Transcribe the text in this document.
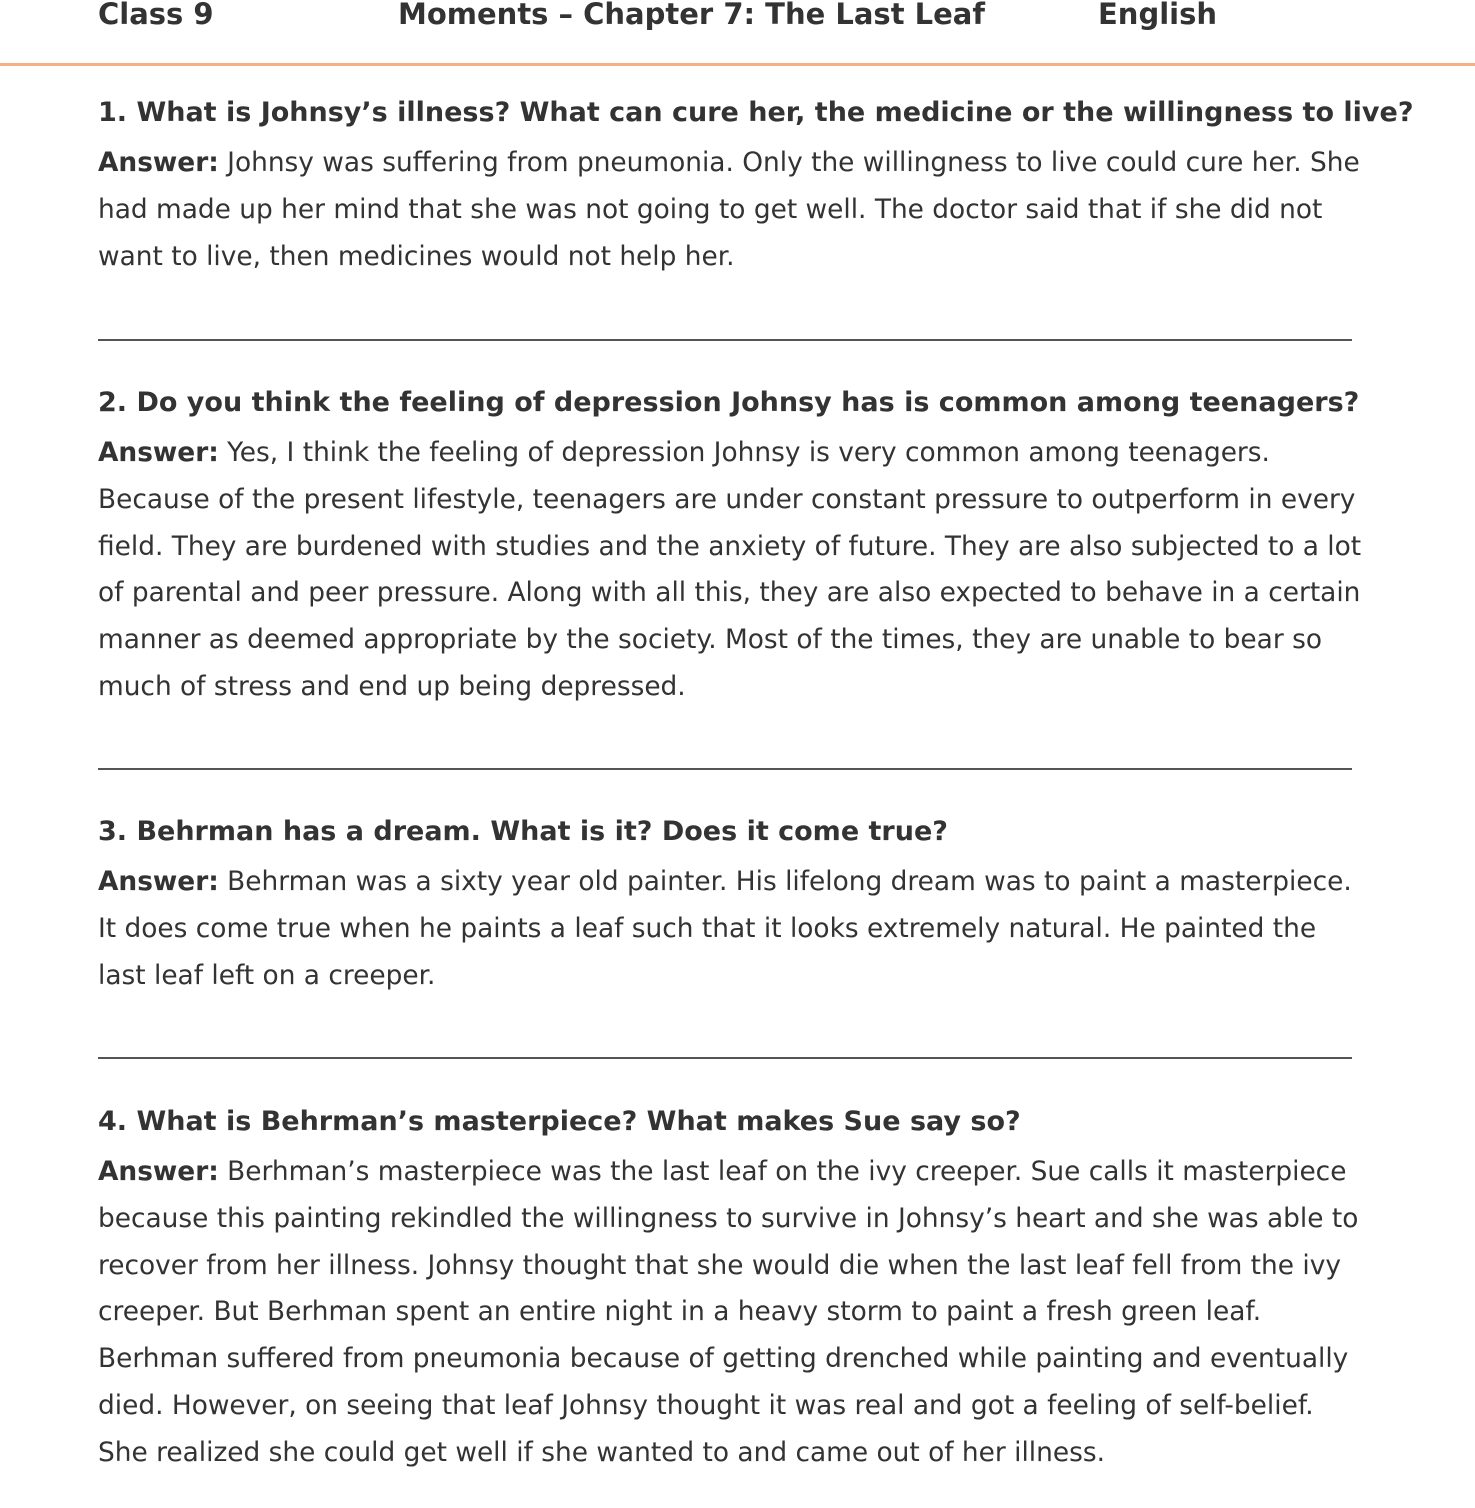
Class 9	Moments – Chapter 7: The Last Leaf	English

1. What is Johnsy’s illness? What can cure her, the medicine or the willingness to live?

Answer: Johnsy was suffering from pneumonia. Only the willingness to live could cure her. She had made up her mind that she was not going to get well. The doctor said that if she did not want to live, then medicines would not help her.

2. Do you think the feeling of depression Johnsy has is common among teenagers?

Answer: Yes, I think the feeling of depression Johnsy is very common among teenagers. Because of the present lifestyle, teenagers are under constant pressure to outperform in every field. They are burdened with studies and the anxiety of future. They are also subjected to a lot of parental and peer pressure. Along with all this, they are also expected to behave in a certain manner as deemed appropriate by the society. Most of the times, they are unable to bear so much of stress and end up being depressed.

3. Behrman has a dream. What is it? Does it come true?

Answer: Behrman was a sixty year old painter. His lifelong dream was to paint a masterpiece. It does come true when he paints a leaf such that it looks extremely natural. He painted the last leaf left on a creeper.

4. What is Behrman’s masterpiece? What makes Sue say so?

Answer: Berhman’s masterpiece was the last leaf on the ivy creeper. Sue calls it masterpiece because this painting rekindled the willingness to survive in Johnsy’s heart and she was able to recover from her illness. Johnsy thought that she would die when the last leaf fell from the ivy creeper. But Berhman spent an entire night in a heavy storm to paint a fresh green leaf. Berhman suffered from pneumonia because of getting drenched while painting and eventually died. However, on seeing that leaf Johnsy thought it was real and got a feeling of self-belief. She realized she could get well if she wanted to and came out of her illness.
